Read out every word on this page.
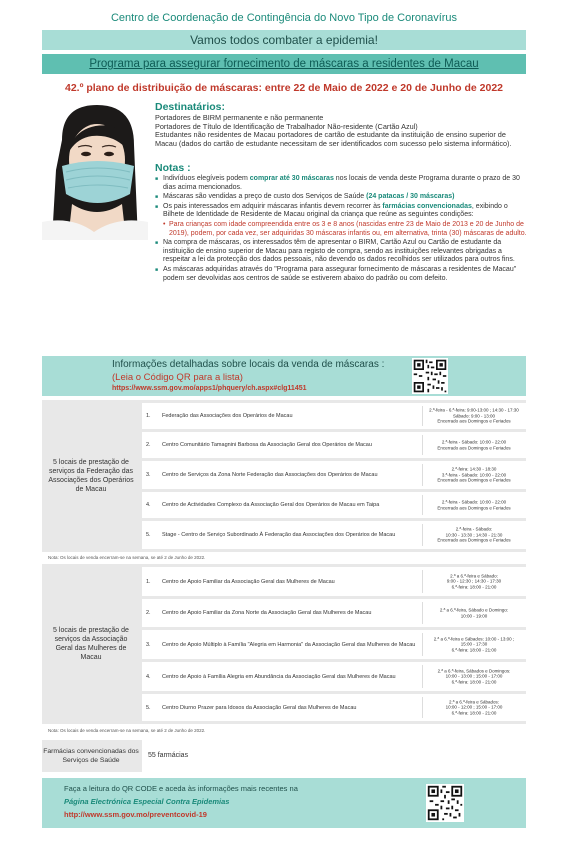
Centro de Coordenação de Contingência do Novo Tipo de Coronavírus
Vamos todos combater a epidemia!
Programa para assegurar fornecimento de máscaras a residentes de Macau
42.º plano de distribuição de máscaras: entre 22 de Maio de 2022 e 20 de Junho de 2022
Destinatários:

Portadores de BIRM permanente e não permanente

Portadores de Título de Identificação de Trabalhador Não-residente (Cartão Azul)

Estudantes não residentes de Macau portadores de cartão de estudante da instituição de ensino superior de Macau (dados do cartão de estudante necessitam de ser identificados com sucesso pelo sistema informático).

Notas :
■ Indivíduos elegíveis podem comprar até 30 máscaras nos locais de venda deste Programa durante o prazo de 30 dias acima mencionados.
■ Máscaras são vendidas a preço de custo dos Serviços de Saúde (24 patacas / 30 máscaras)
■ Os pais interessados em adquirir máscaras infantis devem recorrer às farmácias convencionadas, exibindo o Bilhete de Identidade de Residente de Macau original da criança que reúne as seguintes condições:
• Para crianças com idade compreendida entre os 3 e 8 anos (nascidas entre 23 de Maio de 2013 e 20 de Junho de 2019), podem, por cada vez, ser adquiridas 30 máscaras infantis ou, em alternativa, trinta (30) máscaras de adulto.
■ Na compra de máscaras, os interessados têm de apresentar o BIRM, Cartão Azul ou Cartão de estudante da instituição de ensino superior de Macau para registo de compra, sendo as instituições relevantes obrigadas a respeitar a lei da protecção dos dados pessoais, não devendo os dados recolhidos ser utilizados para outros fins.
■ As máscaras adquiridas através do "Programa para assegurar fornecimento de máscaras a residentes de Macau" podem ser devolvidas aos centros de saúde se estiverem abaixo do padrão ou com defeito.
Informações detalhadas sobre locais da venda de máscaras :
(Leia o Código QR para a lista)
https://www.ssm.gov.mo/apps1/phquery/ch.aspx#clg11451
5 locais de prestação de serviços da Federação das Associações dos Operários de Macau
1.	Federação das Associações dos Operários de Macau
2.ª-feira - 6.ª-feira: 9:00-13:00 ; 14:30 - 17:30
Sábado: 9:00 - 13:00
Encerrado aos Domingos e Feriados
2.	Centro Comunitário Tamagnini Barbosa da Associação Geral dos Operários de Macau
2.ª-feira - Sábado: 10:00 - 22:00
Encerrado aos Domingos e Feriados
3.	Centro de Serviços da Zona Norte Federação das Associações dos Operários de Macau
2.ª-feira: 14:30 - 18:30
3.ª-feira - Sábado: 10:00 - 22:00
Encerrado aos Domingos e Feriados
4.	Centro de Actividades Complexo da Associação Geral dos Operários de Macau em Taipa
2.ª-feira - Sábado: 10:00 - 22:00
Encerrado aos Domingos e Feriados
5.	Stage - Centro de Serviço Subordinado À Federação das Associações dos Operários de Macau
2.ª-feira - Sábado:
10:30 - 13:30 ; 14:30 - 21:30
Encerrado aos Domingos e Feriados
Nota: Os locais de venda encerram-se na semana, se até 2 de Junho de 2022.
5 locais de prestação de serviços da Associação Geral das Mulheres de Macau
1.	Centro de Apoio Familiar da Associação Geral das Mulheres de Macau
2.ª a 6.ª-feira e Sábado:
9:00 - 12:30 ; 14:30 - 17:30
6.ª-feira: 18:00 - 21:00
2.	Centro de Apoio Familiar da Zona Norte da Associação Geral das Mulheres de Macau
2.ª a 6.ª-feira, Sábado e Domingo:
10:00 - 19:00
3.	Centro de Apoio Múltiplo à Família "Alegria em Harmonia" da Associação Geral das Mulheres de Macau
2.ª a 6.ª-feira e Sábados: 10:00 - 13:00 ;
15:00 - 17:30
6.ª-feira: 18:00 - 21:00
4.	Centro de Apoio à Família Alegria em Abundância da Associação Geral das Mulheres de Macau
2.ª a 6.ª-feira, Sábados e Domingos:
10:00 - 13:00 ; 15:00 - 17:00
6.ª-feira: 18:00 - 21:00
5.	Centro Diurno Prazer para Idosos da Associação Geral das Mulheres de Macau
2.ª a 6.ª-feira e Sábados:
10:00 - 12:00 ; 15:00 - 17:00
6.ª-feira: 18:00 - 21:00
Nota: Os locais de venda encerram-se na semana, se até 2 de Junho de 2022.
Farmácias convencionadas dos Serviços de Saúde
55 farmácias
Faça a leitura do QR CODE e aceda às informações mais recentes na
Página Electrónica Especial Contra Epidemias
http://www.ssm.gov.mo/preventcovid-19
